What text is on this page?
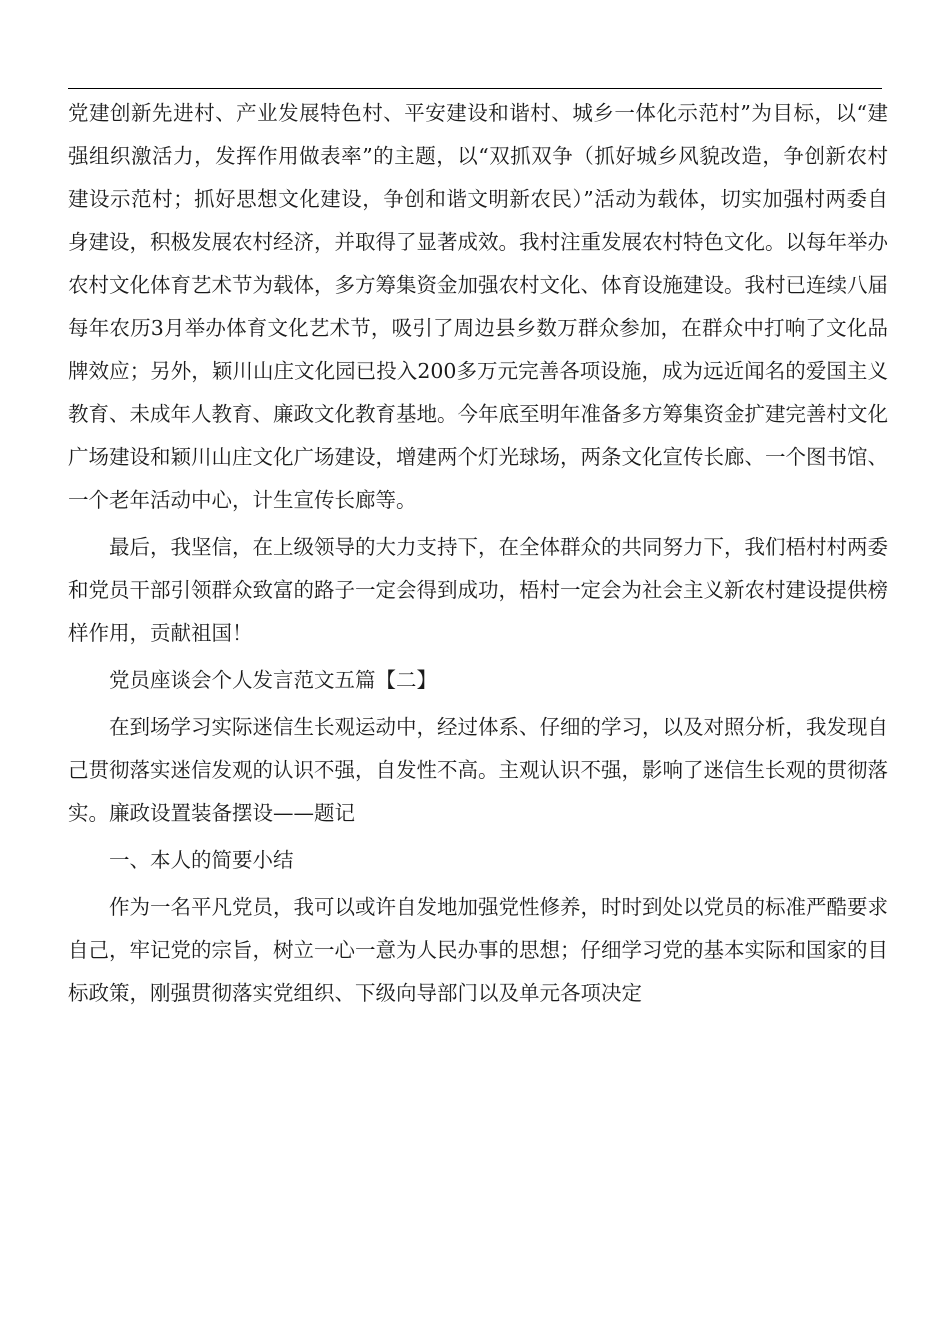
党建创新先进村、产业发展特色村、平安建设和谐村、城乡一体化示范村”为目标，以“建强组织激活力，发挥作用做表率”的主题，以“双抓双争（抓好城乡风貌改造，争创新农村建设示范村；抓好思想文化建设，争创和谐文明新农民）”活动为载体，切实加强村两委自身建设，积极发展农村经济，并取得了显著成效。我村注重发展农村特色文化。以每年举办农村文化体育艺术节为载体，多方筹集资金加强农村文化、体育设施建设。我村已连续八届每年农历3月举办体育文化艺术节，吸引了周边县乡数万群众参加，在群众中打响了文化品牌效应；另外，颖川山庄文化园已投入200多万元完善各项设施，成为远近闻名的爱国主义教育、未成年人教育、廉政文化教育基地。今年底至明年准备多方筹集资金扩建完善村文化广场建设和颖川山庄文化广场建设，增建两个灯光球场，两条文化宣传长廊、一个图书馆、一个老年活动中心，计生宣传长廊等。

最后，我坚信，在上级领导的大力支持下，在全体群众的共同努力下，我们梧村村两委和党员干部引领群众致富的路子一定会得到成功，梧村一定会为社会主义新农村建设提供榜样作用，贡献祖国！

党员座谈会个人发言范文五篇【二】

在到场学习实际迷信生长观运动中，经过体系、仔细的学习，以及对照分析，我发现自己贯彻落实迷信发观的认识不强，自发性不高。主观认识不强，影响了迷信生长观的贯彻落实。廉政设置装备摆设——题记

一、本人的简要小结

作为一名平凡党员，我可以或许自发地加强党性修养，时时到处以党员的标准严酷要求自己，牢记党的宗旨，树立一心一意为人民办事的思想；仔细学习党的基本实际和国家的目标政策，刚强贯彻落实党组织、下级向导部门以及单元各项决定
